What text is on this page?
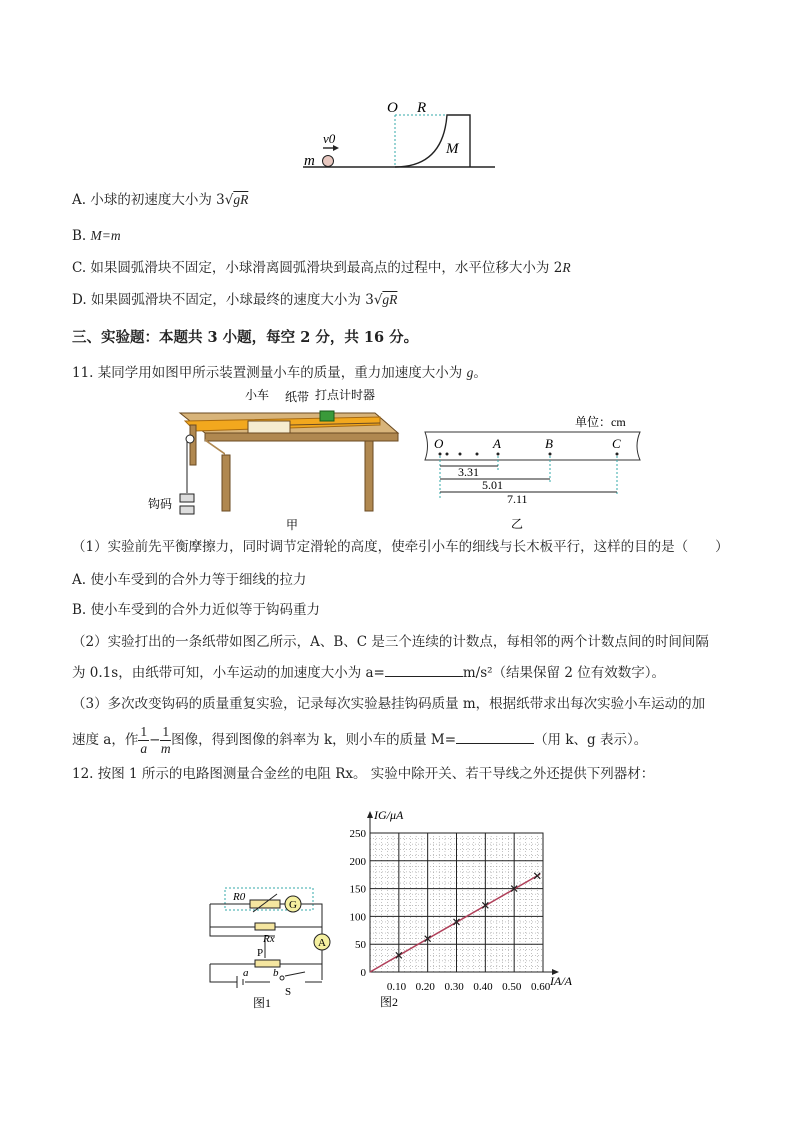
O R
v0
m
M
A. 小球的初速度大小为 3√gR
B. M=m
C. 如果圆弧滑块不固定，小球滑离圆弧滑块到最高点的过程中，水平位移大小为 2R
D. 如果圆弧滑块不固定，小球最终的速度大小为 3√gR
三、实验题：本题共 3 小题，每空 2 分，共 16 分。
11. 某同学用如图甲所示装置测量小车的质量，重力加速度大小为 g。
小车 纸带 打点计时器
钩码
甲
单位：cm
O	A	B	C
3.31
5.01
7.11
乙
（1）实验前先平衡摩擦力，同时调节定滑轮的高度，使牵引小车的细线与长木板平行，这样的目的是（　　）
A. 使小车受到的合外力等于细线的拉力
B. 使小车受到的合外力近似等于钩码重力
（2）实验打出的一条纸带如图乙所示，A、B、C 是三个连续的计数点，每相邻的两个计数点间的时间间隔
为 0.1s，由纸带可知，小车运动的加速度大小为 a=	m/s²（结果保留 2 位有效数字）。
（3）多次改变钩码的质量重复实验，记录每次实验悬挂钩码质量 m，根据纸带求出每次实验小车运动的加
速度 a，作 $\frac{1}{a}- \frac{1}{m}$图像，得到图像的斜率为 k，则小车的质量 M=	（用 k、g 表示）。
12. 按图 1 所示的电路图测量合金丝的电阻 Rx。 实验中除开关、若干导线之外还提供下列器材：
G
A
R0
Rx
P
a b
S
图1	图2
IG/μA
IA/A
0.10 0.20 0.30 0.40 0.50 0.60
0
50
100
150
200
250
